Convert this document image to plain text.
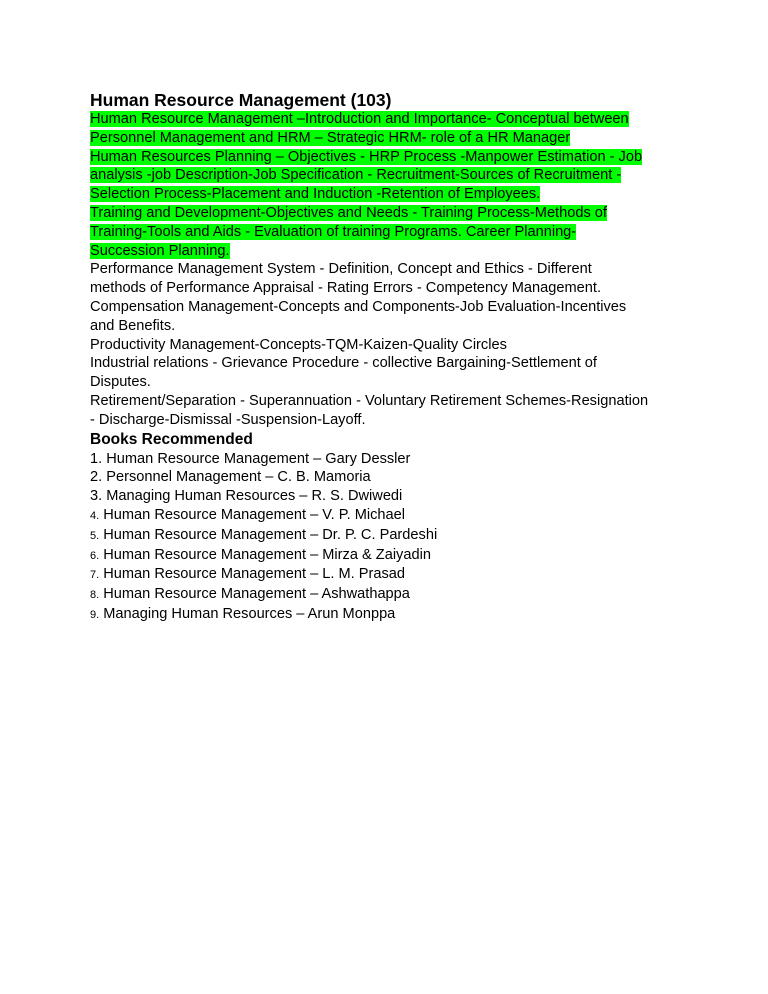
Human Resource Management (103)

Human Resource Management –Introduction and Importance- Conceptual between Personnel Management and HRM – Strategic HRM- role of a HR Manager

Human Resources Planning – Objectives - HRP Process -Manpower Estimation - Job analysis -job Description-Job Specification - Recruitment-Sources of Recruitment - Selection Process-Placement and Induction -Retention of Employees.

Training and Development-Objectives and Needs - Training Process-Methods of Training-Tools and Aids - Evaluation of training Programs. Career Planning-Succession Planning.

Performance Management System - Definition, Concept and Ethics - Different methods of Performance Appraisal - Rating Errors - Competency Management.

Compensation Management-Concepts and Components-Job Evaluation-Incentives and Benefits.

Productivity Management-Concepts-TQM-Kaizen-Quality Circles

Industrial relations - Grievance Procedure - collective Bargaining-Settlement of Disputes.

Retirement/Separation - Superannuation - Voluntary Retirement Schemes-Resignation - Discharge-Dismissal -Suspension-Layoff.

Books Recommended
1. Human Resource Management – Gary Dessler
2. Personnel Management – C. B. Mamoria
3. Managing Human Resources – R. S. Dwiwedi
4. Human Resource Management – V. P. Michael
5. Human Resource Management – Dr. P. C. Pardeshi
6. Human Resource Management – Mirza & Zaiyadin
7. Human Resource Management – L. M. Prasad
8. Human Resource Management – Ashwathappa
9. Managing Human Resources – Arun Monppa
